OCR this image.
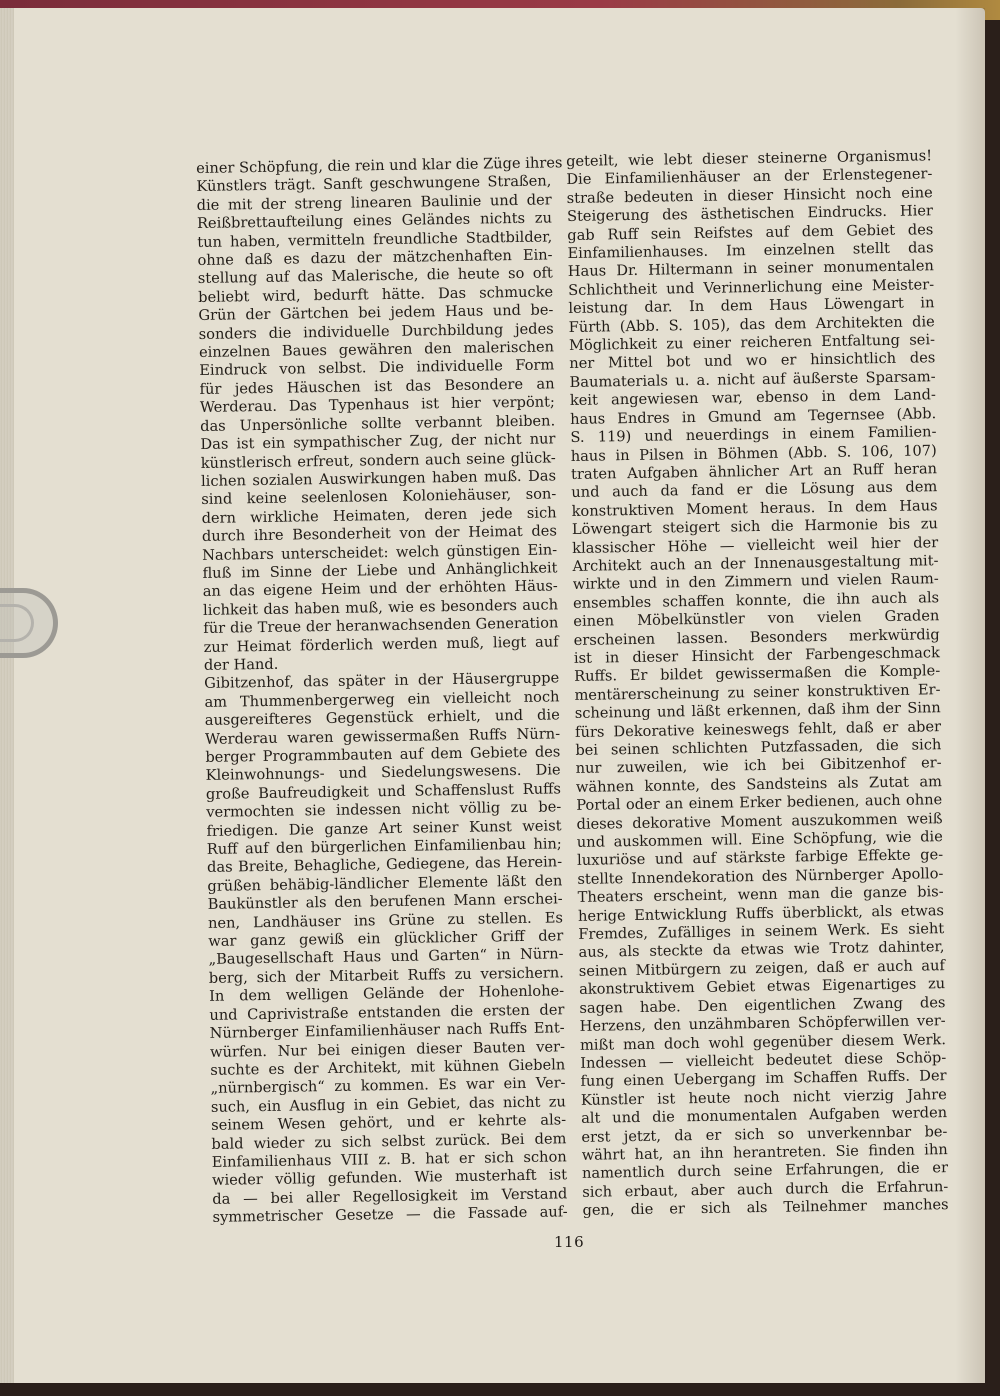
einer Schöpfung, die rein und klar die Züge ihres
Künstlers trägt. Sanft geschwungene Straßen,
die mit der streng linearen Baulinie und der
Reißbrettaufteilung eines Geländes nichts zu
tun haben, vermitteln freundliche Stadtbilder,
ohne daß es dazu der mätzchenhaften Ein-
stellung auf das Malerische, die heute so oft
beliebt wird, bedurft hätte. Das schmucke
Grün der Gärtchen bei jedem Haus und be-
sonders die individuelle Durchbildung jedes
einzelnen Baues gewähren den malerischen
Eindruck von selbst. Die individuelle Form
für jedes Häuschen ist das Besondere an
Werderau. Das Typenhaus ist hier verpönt;
das Unpersönliche sollte verbannt bleiben.
Das ist ein sympathischer Zug, der nicht nur
künstlerisch erfreut, sondern auch seine glück-
lichen sozialen Auswirkungen haben muß. Das
sind keine seelenlosen Koloniehäuser, son-
dern wirkliche Heimaten, deren jede sich
durch ihre Besonderheit von der Heimat des
Nachbars unterscheidet: welch günstigen Ein-
fluß im Sinne der Liebe und Anhänglichkeit
an das eigene Heim und der erhöhten Häus-
lichkeit das haben muß, wie es besonders auch
für die Treue der heranwachsenden Generation
zur Heimat förderlich werden muß, liegt auf
der Hand.
Gibitzenhof, das später in der Häusergruppe
am Thummenbergerweg ein vielleicht noch
ausgereifteres Gegenstück erhielt, und die
Werderau waren gewissermaßen Ruffs Nürn-
berger Programmbauten auf dem Gebiete des
Kleinwohnungs- und Siedelungswesens. Die
große Baufreudigkeit und Schaffenslust Ruffs
vermochten sie indessen nicht völlig zu be-
friedigen. Die ganze Art seiner Kunst weist
Ruff auf den bürgerlichen Einfamilienbau hin;
das Breite, Behagliche, Gediegene, das Herein-
grüßen behäbig-ländlicher Elemente läßt den
Baukünstler als den berufenen Mann erschei-
nen, Landhäuser ins Grüne zu stellen. Es
war ganz gewiß ein glücklicher Griff der
„Baugesellschaft Haus und Garten“ in Nürn-
berg, sich der Mitarbeit Ruffs zu versichern.
In dem welligen Gelände der Hohenlohe-
und Caprivistraße entstanden die ersten der
Nürnberger Einfamilienhäuser nach Ruffs Ent-
würfen. Nur bei einigen dieser Bauten ver-
suchte es der Architekt, mit kühnen Giebeln
„nürnbergisch“ zu kommen. Es war ein Ver-
such, ein Ausflug in ein Gebiet, das nicht zu
seinem Wesen gehört, und er kehrte als-
bald wieder zu sich selbst zurück. Bei dem
Einfamilienhaus VIII z. B. hat er sich schon
wieder völlig gefunden. Wie musterhaft ist
da — bei aller Regellosigkeit im Verstand
symmetrischer Gesetze — die Fassade auf-
geteilt, wie lebt dieser steinerne Organismus!
Die Einfamilienhäuser an der Erlenstegener-
straße bedeuten in dieser Hinsicht noch eine
Steigerung des ästhetischen Eindrucks. Hier
gab Ruff sein Reifstes auf dem Gebiet des
Einfamilienhauses. Im einzelnen stellt das
Haus Dr. Hiltermann in seiner monumentalen
Schlichtheit und Verinnerlichung eine Meister-
leistung dar. In dem Haus Löwengart in
Fürth (Abb. S. 105), das dem Architekten die
Möglichkeit zu einer reicheren Entfaltung sei-
ner Mittel bot und wo er hinsichtlich des
Baumaterials u. a. nicht auf äußerste Sparsam-
keit angewiesen war, ebenso in dem Land-
haus Endres in Gmund am Tegernsee (Abb.
S. 119) und neuerdings in einem Familien-
haus in Pilsen in Böhmen (Abb. S. 106, 107)
traten Aufgaben ähnlicher Art an Ruff heran
und auch da fand er die Lösung aus dem
konstruktiven Moment heraus. In dem Haus
Löwengart steigert sich die Harmonie bis zu
klassischer Höhe — vielleicht weil hier der
Architekt auch an der Innenausgestaltung mit-
wirkte und in den Zimmern und vielen Raum-
ensembles schaffen konnte, die ihn auch als
einen Möbelkünstler von vielen Graden
erscheinen lassen. Besonders merkwürdig
ist in dieser Hinsicht der Farbengeschmack
Ruffs. Er bildet gewissermaßen die Komple-
mentärerscheinung zu seiner konstruktiven Er-
scheinung und läßt erkennen, daß ihm der Sinn
fürs Dekorative keineswegs fehlt, daß er aber
bei seinen schlichten Putzfassaden, die sich
nur zuweilen, wie ich bei Gibitzenhof er-
wähnen konnte, des Sandsteins als Zutat am
Portal oder an einem Erker bedienen, auch ohne
dieses dekorative Moment auszukommen weiß
und auskommen will. Eine Schöpfung, wie die
luxuriöse und auf stärkste farbige Effekte ge-
stellte Innendekoration des Nürnberger Apollo-
Theaters erscheint, wenn man die ganze bis-
herige Entwicklung Ruffs überblickt, als etwas
Fremdes, Zufälliges in seinem Werk. Es sieht
aus, als steckte da etwas wie Trotz dahinter,
seinen Mitbürgern zu zeigen, daß er auch auf
akonstruktivem Gebiet etwas Eigenartiges zu
sagen habe. Den eigentlichen Zwang des
Herzens, den unzähmbaren Schöpferwillen ver-
mißt man doch wohl gegenüber diesem Werk.
Indessen — vielleicht bedeutet diese Schöp-
fung einen Uebergang im Schaffen Ruffs. Der
Künstler ist heute noch nicht vierzig Jahre
alt und die monumentalen Aufgaben werden
erst jetzt, da er sich so unverkennbar be-
währt hat, an ihn herantreten. Sie finden ihn
namentlich durch seine Erfahrungen, die er
sich erbaut, aber auch durch die Erfahrun-
gen, die er sich als Teilnehmer manches
116
